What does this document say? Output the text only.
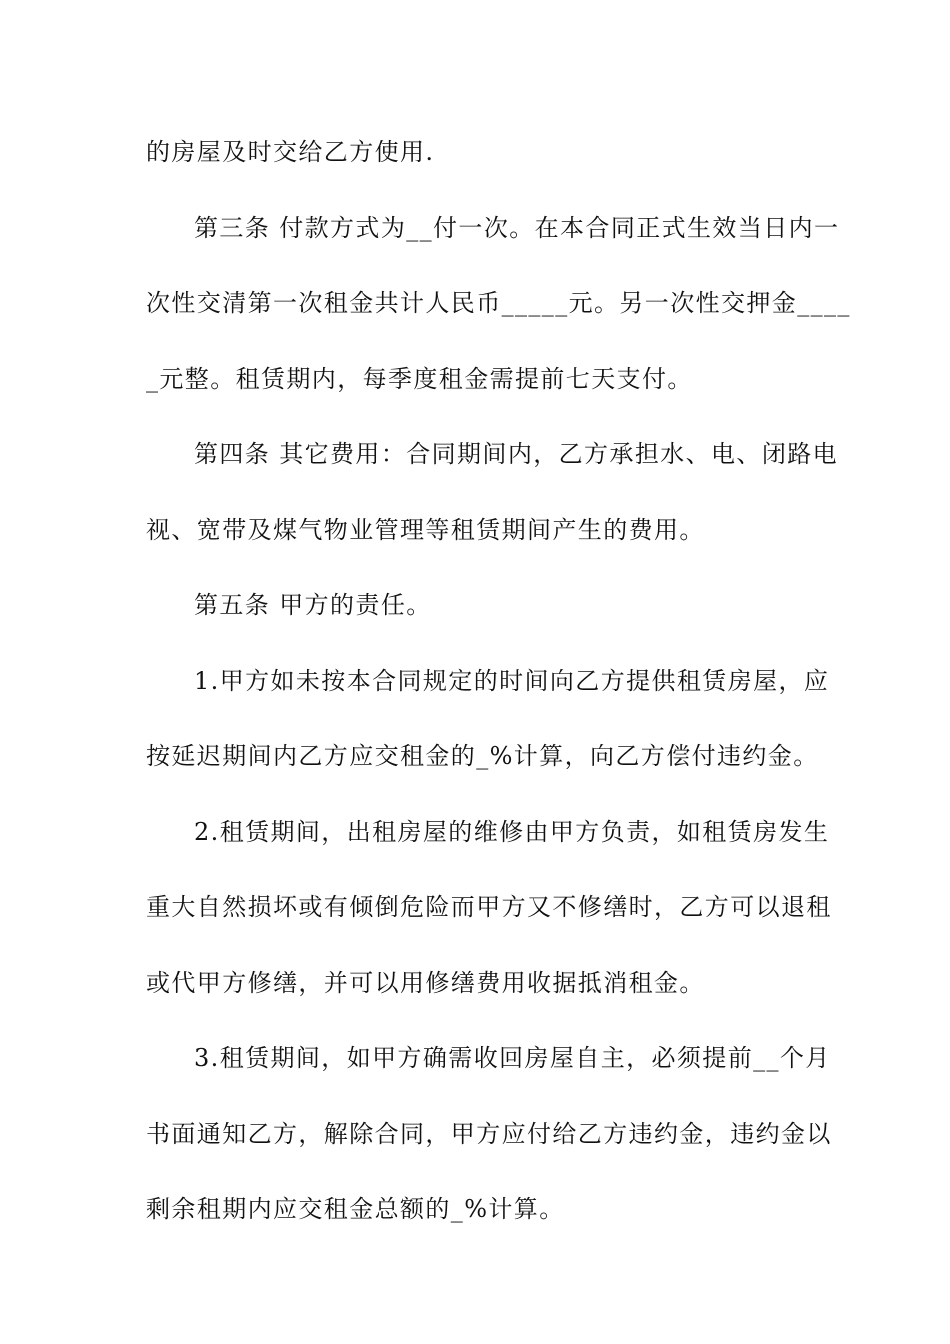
的房屋及时交给乙方使用.
第三条 付款方式为__付一次。在本合同正式生效当日内一
次性交清第一次租金共计人民币_____元。另一次性交押金____
_元整。租赁期内，每季度租金需提前七天支付。
第四条 其它费用：合同期间内，乙方承担水、电、闭路电
视、宽带及煤气物业管理等租赁期间产生的费用。
第五条 甲方的责任。
1.甲方如未按本合同规定的时间向乙方提供租赁房屋，应
按延迟期间内乙方应交租金的_%计算，向乙方偿付违约金。
2.租赁期间，出租房屋的维修由甲方负责，如租赁房发生
重大自然损坏或有倾倒危险而甲方又不修缮时，乙方可以退租
或代甲方修缮，并可以用修缮费用收据抵消租金。
3.租赁期间，如甲方确需收回房屋自主，必须提前__个月
书面通知乙方，解除合同，甲方应付给乙方违约金，违约金以
剩余租期内应交租金总额的_%计算。
